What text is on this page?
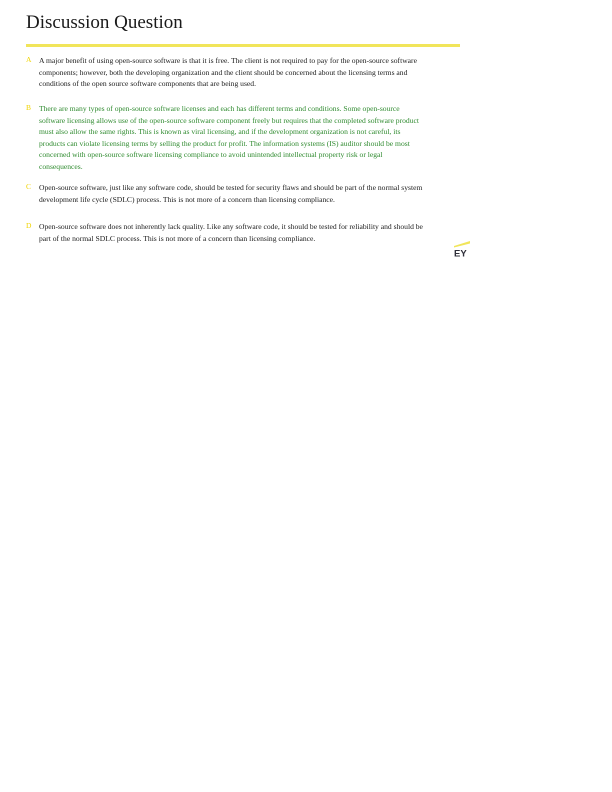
Discussion Question
A A major benefit of using open-source software is that it is free. The client is not required to pay for the open-source software components; however, both the developing organization and the client should be concerned about the licensing terms and conditions of the open source software components that are being used.
B There are many types of open-source software licenses and each has different terms and conditions. Some open-source software licensing allows use of the open-source software component freely but requires that the completed software product must also allow the same rights. This is known as viral licensing, and if the development organization is not careful, its products can violate licensing terms by selling the product for profit. The information systems (IS) auditor should be most concerned with open-source software licensing compliance to avoid unintended intellectual property risk or legal consequences.
C Open-source software, just like any software code, should be tested for security flaws and should be part of the normal system development life cycle (SDLC) process. This is not more of a concern than licensing compliance.
D Open-source software does not inherently lack quality. Like any software code, it should be tested for reliability and should be part of the normal SDLC process. This is not more of a concern than licensing compliance.
EY
